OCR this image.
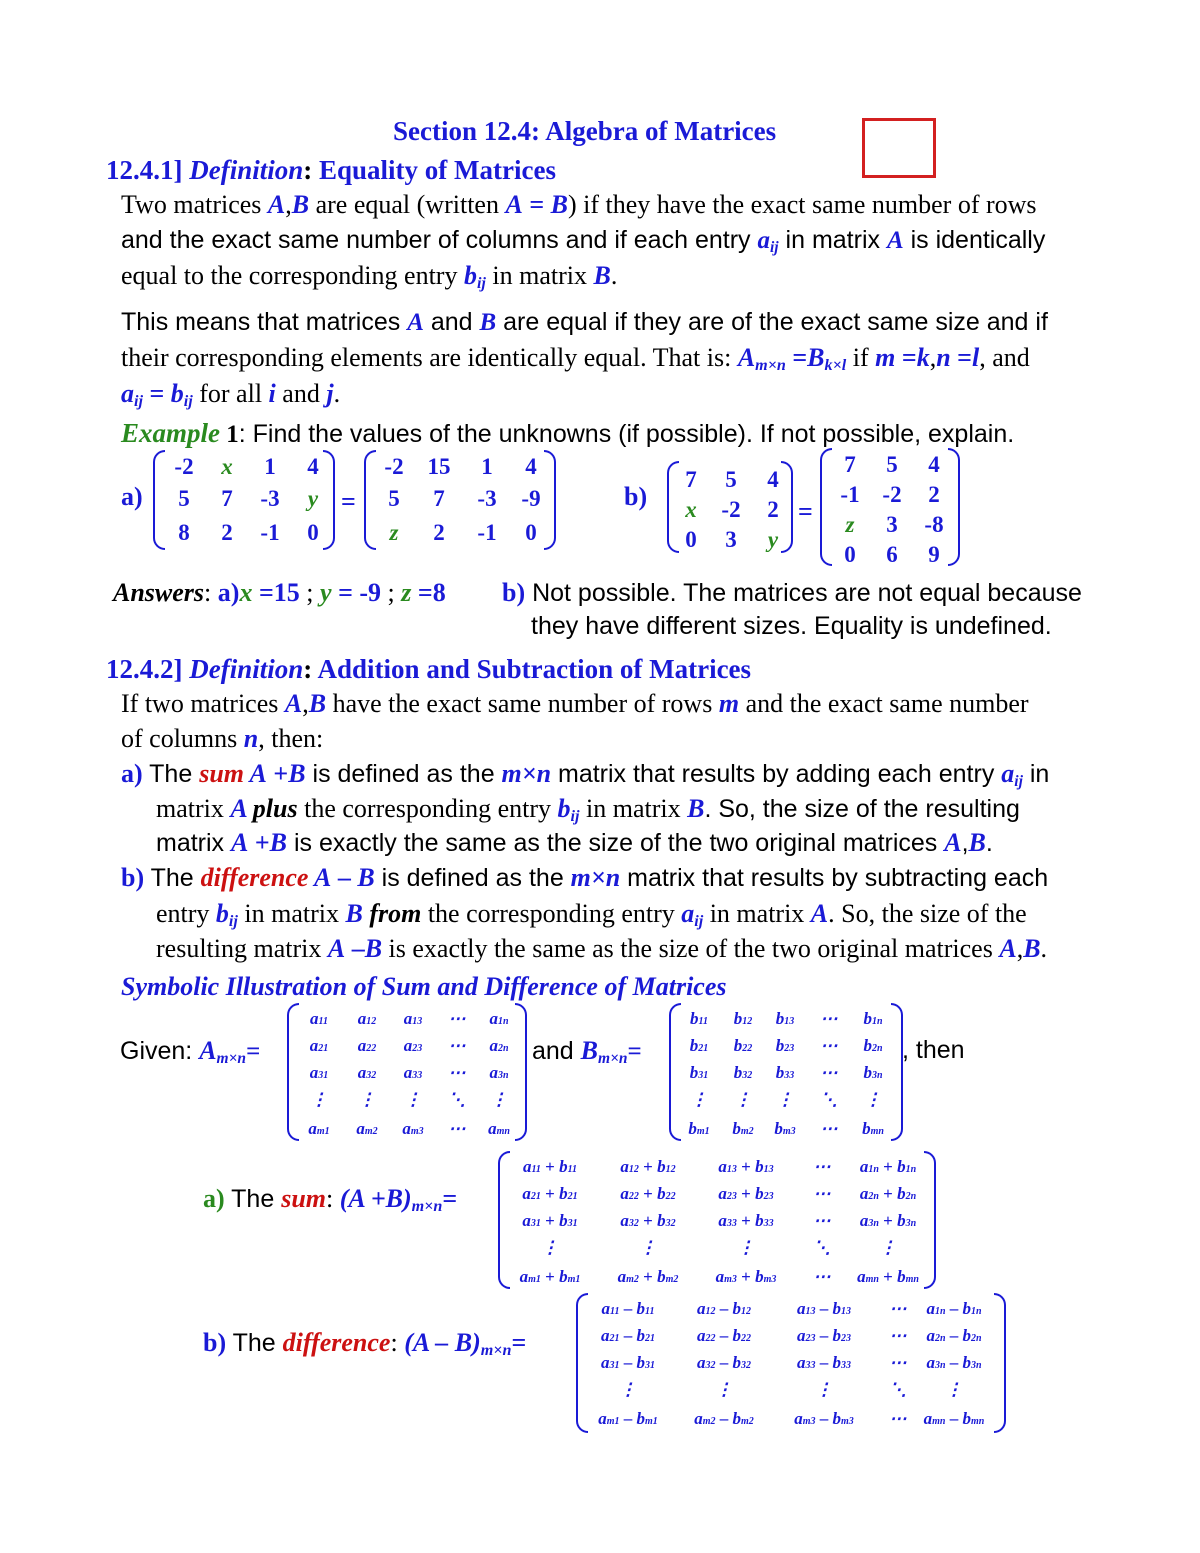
Section 12.4: Algebra of Matrices
12.4.1] Definition: Equality of Matrices
Two matrices A,B are equal (written A = B) if they have the exact same number of rows
and the exact same number of columns and if each entry aij in matrix A is identically
equal to the corresponding entry bij in matrix B.
This means that matrices A and B are equal if they are of the exact same size and if
their corresponding elements are identically equal. That is: Am×n =Bk×l if m =k,n =l, and
aij = bij for all i and j.
Example 1: Find the values of the unknowns (if possible). If not possible, explain.
a)	b)
=	=
-2 x 1 4
5 7 -3 y
8 2 -1 0
-2 15 1 4
5 7 -3 -9
z 2 -1 0
7 5 4
x -2 2
0 3 y
7 5 4
-1 -2 2
z 3 -8
0 6 9
Answers: a)x =15 ; y = -9 ; z =8 b) Not possible. The matrices are not equal because
they have different sizes. Equality is undefined.
12.4.2] Definition: Addition and Subtraction of Matrices
If two matrices A,B have the exact same number of rows m and the exact same number
of columns n, then:
a) The sum A +B is defined as the m×n matrix that results by adding each entry aij in
matrix A plus the corresponding entry bij in matrix B. So, the size of the resulting
matrix A +B is exactly the same as the size of the two original matrices A,B.
b) The difference A – B is defined as the m×n matrix that results by subtracting each
entry bij in matrix B from the corresponding entry aij in matrix A. So, the size of the
resulting matrix A –B is exactly the same as the size of the two original matrices A,B.
Symbolic Illustration of Sum and Difference of Matrices
Given: Am×n=	and Bm×n=	, then
a11 a12 a13 ⋯ a1n
a21 a22 a23 ⋯ a2n
a31 a32 a33 ⋯ a3n
⋮ ⋮ ⋮ ⋱ ⋮
am1 am2 am3 ⋯ amn
b11 b12 b13 ⋯ b1n
b21 b22 b23 ⋯ b2n
b31 b32 b33 ⋯ b3n
⋮ ⋮ ⋮ ⋱ ⋮
bm1 bm2 bm3 ⋯ bmn
a) The sum: (A +B)m×n=
a11 + b11	a12 + b12	a13 + b13 ⋯ a1n + b1n
a21 + b21	a22 + b22	a23 + b23 ⋯ a2n + b2n
a31 + b31	a32 + b32	a33 + b33 ⋯ a3n + b3n
⋮	⋮	⋮	⋱	⋮
am1 + bm1 am2 + bm2 am3 + bm3 ⋯ amn + bmn
b) The difference: (A – B)m×n=
a11 – b11	a12 – b12	a13 – b13 ⋯ a1n – b1n
a21 – b21 a22 – b22	a23 – b23 ⋯ a2n – b2n
a31 – b31 a32 – b32	a33 – b33 ⋯ a3n – b3n
⋮	⋮	⋮	⋱ ⋮
am1 – bm1 am2 – bm2 am3 – bm3 ⋯ amn – bmn
